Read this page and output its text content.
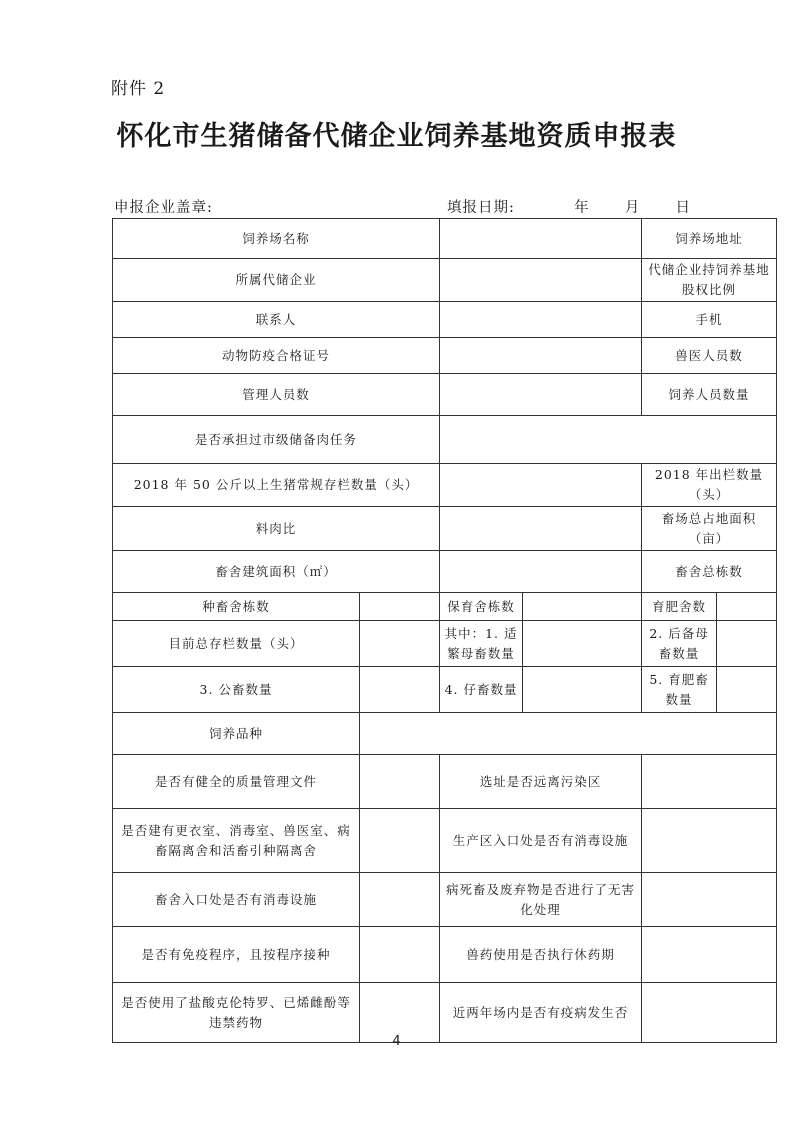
附件 2
怀化市生猪储备代储企业饲养基地资质申报表
申报企业盖章:	填报日期:	年 月 日
饲养场名称				饲养场地址		
所属代储企业				代储企业持饲养基地股权比例		
联系人				手机		
动物防疫合格证号				兽医人员数		
管理人员数				饲养人员数量		
是否承担过市级储备肉任务						
2018 年 50 公斤以上生猪常规存栏数量（头）				2018 年出栏数量（头）		
料肉比				畜场总占地面积（亩）		
畜舍建筑面积（㎡）				畜舍总栋数		
种畜舍栋数		保育舍栋数		育肥舍数		
目前总存栏数量（头）		其中：1. 适繁母畜数量		2. 后备母畜数量		
3. 公畜数量		4. 仔畜数量		5. 育肥畜数量		
饲养品种						
是否有健全的质量管理文件		选址是否远离污染区				
是否建有更衣室、消毒室、兽医室、病畜隔离舍和活畜引种隔离舍		生产区入口处是否有消毒设施				
畜舍入口处是否有消毒设施		病死畜及废弃物是否进行了无害化处理				
是否有免疫程序，且按程序接种		兽药使用是否执行休药期				
是否使用了盐酸克伦特罗、已烯雌酚等违禁药物		近两年场内是否有疫病发生否				
4
